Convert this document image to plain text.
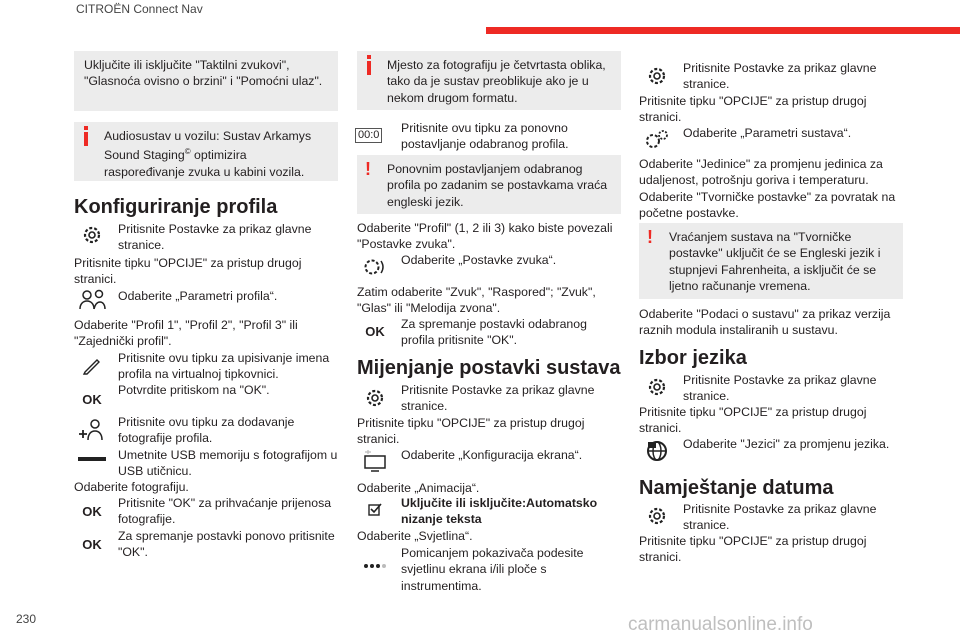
CITROËN Connect Nav
Uključite ili isključite "Taktilni zvukovi", "Glasnoća ovisno o brzini" i "Pomoćni ulaz".
Audiosustav u vozilu: Sustav Arkamys Sound Staging© optimizira raspoređivanje zvuka u kabini vozila.
Konfiguriranje profila

Pritisnite Postavke za prikaz glavne stranice.

Pritisnite tipku "OPCIJE" za pristup drugoj stranici.

Odaberite „Parametri profila“.

Odaberite "Profil 1", "Profil 2", "Profil 3" ili "Zajednički profil".

Pritisnite ovu tipku za upisivanje imena profila na virtualnoj tipkovnici.

OK

Potvrdite pritiskom na "OK".

Pritisnite ovu tipku za dodavanje fotografije profila.

Umetnite USB memoriju s fotografijom u USB utičnicu.

Odaberite fotografiju.

OK

Pritisnite "OK" za prihvaćanje prijenosa fotografije.

OK

Za spremanje postavki ponovo pritisnite "OK".

Mjesto za fotografiju je četvrtasta oblika, tako da je sustav preoblikuje ako je u nekom drugom formatu.
00:0	Pritisnite ovu tipku za ponovno postavljanje odabranog profila.

!	Ponovnim postavljanjem odabranog profila po zadanim se postavkama vraća engleski jezik.

Odaberite "Profil" (1, 2 ili 3) kako biste povezali "Postavke zvuka".

Odaberite „Postavke zvuka“.

Zatim odaberite "Zvuk", "Raspored"; "Zvuk", "Glas" ili "Melodija zvona".

OK	Za spremanje postavki odabranog profila pritisnite "OK".

Mijenjanje postavki sustava

Pritisnite Postavke za prikaz glavne stranice.

Pritisnite tipku "OPCIJE" za pristup drugoj stranici.

Odaberite „Konfiguracija ekrana“.

Odaberite „Animacija“.

Uključite ili isključite:Automatsko nizanje teksta

Odaberite „Svjetlina“.

Pomicanjem pokazivača podesite svjetlinu ekrana i/ili ploče s instrumentima.

Pritisnite Postavke za prikaz glavne stranice.

Pritisnite tipku "OPCIJE" za pristup drugoj stranici.

Odaberite „Parametri sustava“.

Odaberite "Jedinice" za promjenu jedinica za udaljenost, potrošnju goriva i temperaturu.

Odaberite "Tvorničke postavke" za povratak na početne postavke.

!	Vraćanjem sustava na "Tvorničke postavke" uključit će se Engleski jezik i stupnjevi Fahrenheita, a isključit će se ljetno računanje vremena.

Odaberite "Podaci o sustavu" za prikaz verzija raznih modula instaliranih u sustavu.

Izbor jezika

Pritisnite Postavke za prikaz glavne stranice.

Pritisnite tipku "OPCIJE" za pristup drugoj stranici.

Odaberite "Jezici" za promjenu jezika.

Namještanje datuma

Pritisnite Postavke za prikaz glavne stranice.

Pritisnite tipku "OPCIJE" za pristup drugoj stranici.

230	carmanualsonline.info
